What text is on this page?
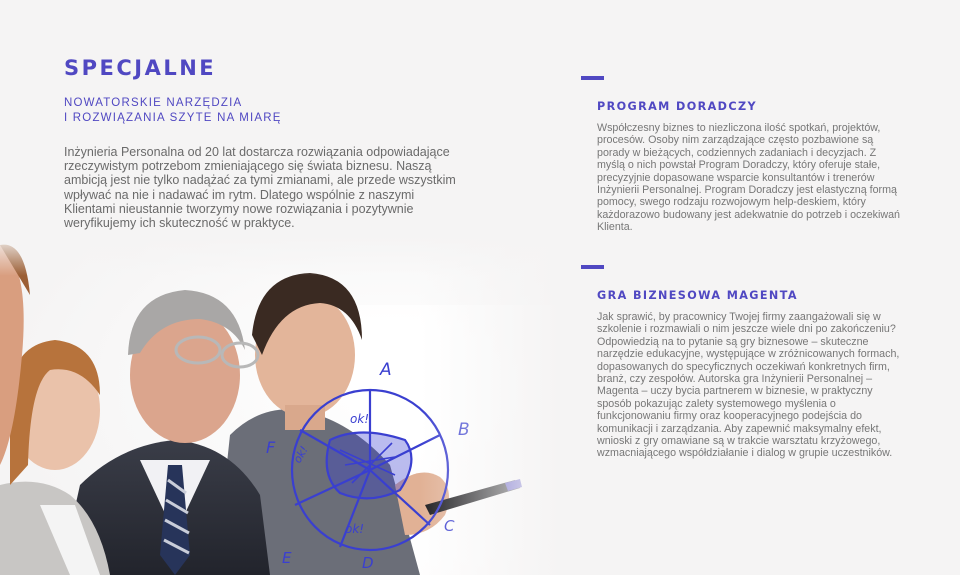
SPECJALNE
NOWATORSKIE NARZĘDZIA
I ROZWIĄZANIA SZYTE NA MIARĘ

Inżynieria Personalna od 20 lat dostarcza rozwiązania odpowiadające rzeczywistym potrzebom zmieniającego się świata biznesu. Naszą ambicją jest nie tylko nadążać za tymi zmianami, ale przede wszystkim wpływać na nie i nadawać im rytm. Dlatego wspólnie z naszymi Klientami nieustannie tworzymy nowe rozwiązania i pozytywnie weryfikujemy ich skuteczność w praktyce.

PROGRAM DORADCZY

Współczesny biznes to niezliczona ilość spotkań, projektów, procesów. Osoby nim zarządzające często pozbawione są porady w bieżących, codziennych zadaniach i decyzjach. Z myślą o nich powstał Program Doradczy, który oferuje stałe, precyzyjnie dopasowane wsparcie konsultantów i trenerów Inżynierii Personalnej. Program Doradczy jest elastyczną formą pomocy, swego rodzaju rozwojowym help-deskiem, który każdorazowo budowany jest adekwatnie do potrzeb i oczekiwań Klienta.

GRA BIZNESOWA MAGENTA

Jak sprawić, by pracownicy Twojej firmy zaangażowali się w szkolenie i rozmawiali o nim jeszcze wiele dni po zakończeniu? Odpowiedzią na to pytanie są gry biznesowe – skuteczne narzędzie edukacyjne, występujące w zróżnicowanych formach, dopasowanych do specyficznych oczekiwań konkretnych firm, branż, czy zespołów. Autorska gra Inżynierii Personalnej – Magenta – uczy bycia partnerem w biznesie, w praktyczny sposób pokazując zalety systemowego myślenia o funkcjonowaniu firmy oraz kooperacyjnego podejścia do komunikacji i zarządzania. Aby zapewnić maksymalny efekt, wnioski z gry omawiane są w trakcie warsztatu krzyżowego, wzmacniającego współdziałanie i dialog w grupie uczestników.
